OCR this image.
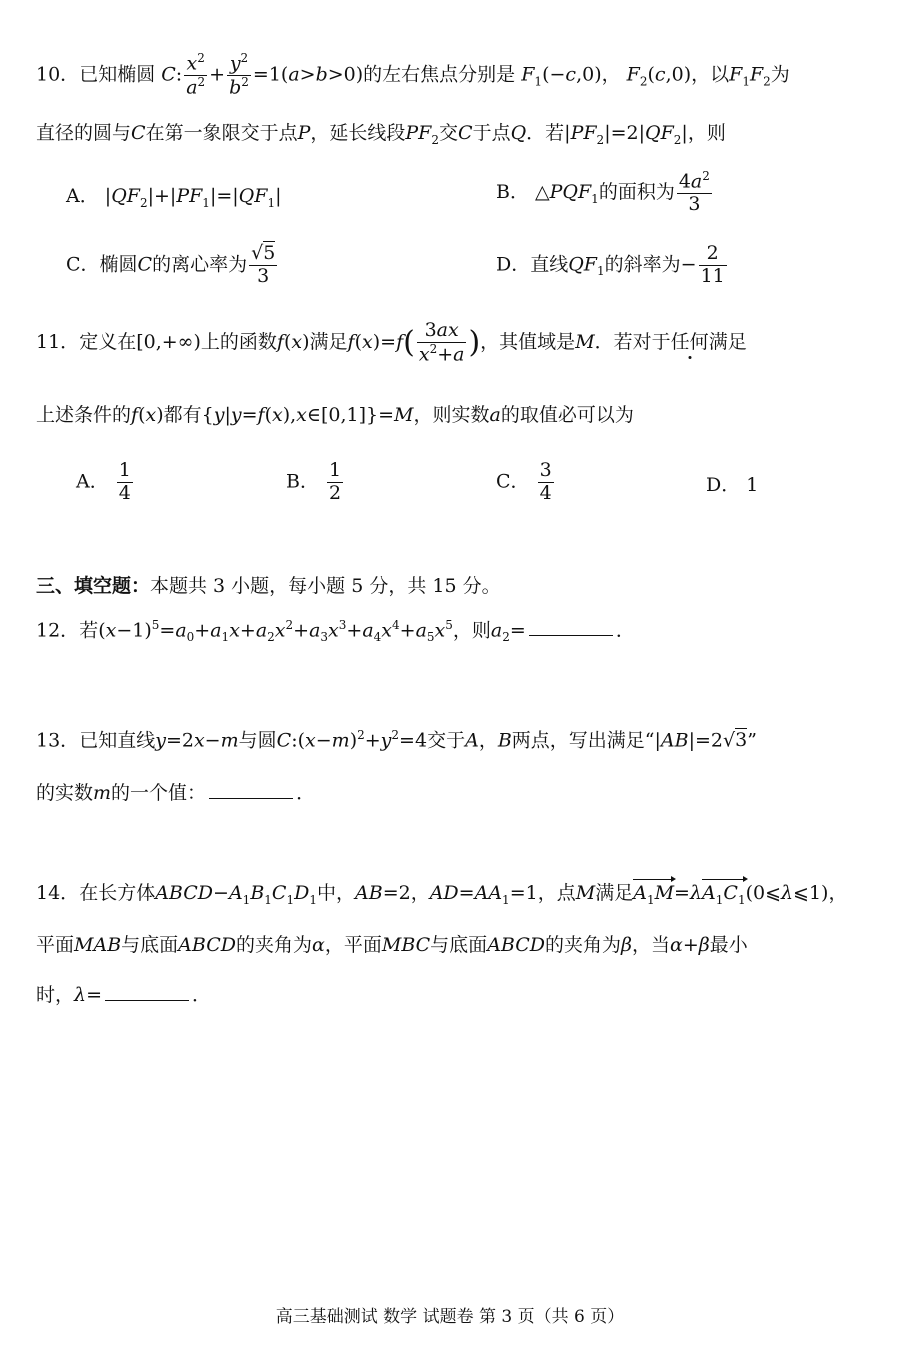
10．已知椭圆 C: $\frac{x^2}{a^2} + \frac{y^2}{b^2} =1(a>b>0)$的左右焦点分别是 $F_1(-c,0)$， $F_2(c,0)$，以$F_1F_2$为
直径的圆与C在第一象限交于点P，延长线段$PF_2$交C于点Q．若$|PF_2|=2|QF_2|$，则
A． $|QF_2|+|PF_1|=|QF_1|$	B． $\triangle PQF_1$的面积为 $\frac{4a^2}{3}$
C．椭圆C的离心率为 $\frac{√5}{3}$	D．直线$QF_1$的斜率为− $\frac{2}{11}$
11．定义在[0,+∞)上的函数f(x)满足$f(x)=f( \frac{3ax}{x^2+a}$ )，其值域是M．若对于任何满足
上述条件的f(x)都有{y|y=f(x),x∈[0,1]}=M，则实数a的取值必可以为
A． $\frac{1}{4}$	B． $\frac{1}{2}$	C． $\frac{3}{4}$	D． 1
三、填空题：本题共 3 小题，每小题 5 分，共 15 分。
12．若$(x-1)^5=a_0+a_1x+a_2x^2+a_3x^3+a_4x^4+a_5x^5$，则$a_2=$	．
13．已知直线y=2x−m与圆$C:(x-m)^2+y^2=4$交于A，B两点，写出满足“|AB|=2√3”
的实数m的一个值：	．
14．在长方体$ABCD-A_1B_1C_1D_1$中，AB=2，$AD=AA_1=1$，点M满足$A_1M=\lambda A_1C_1(0⩽\lambda⩽1)$，
平面MAB与底面ABCD的夹角为α，平面MBC与底面ABCD的夹角为β，当α+β最小
时，λ=	．
高三基础测试 数学 试题卷 第 3 页（共 6 页）
